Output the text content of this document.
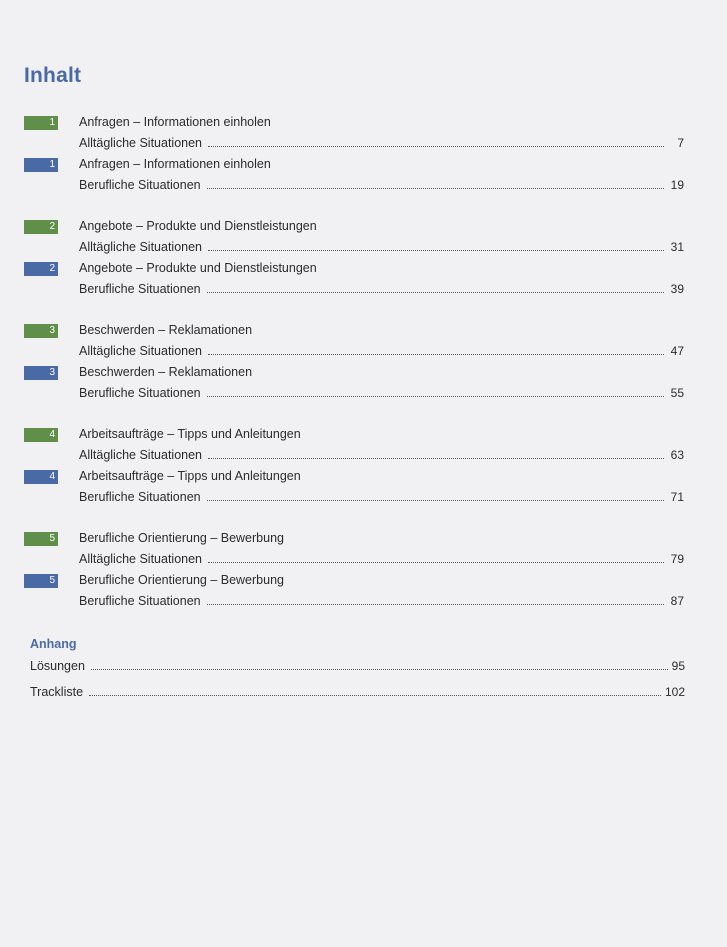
Inhalt
1 Anfragen – Informationen einholen
Alltägliche Situationen	7
1 Anfragen – Informationen einholen
Berufliche Situationen	19
2 Angebote – Produkte und Dienstleistungen
Alltägliche Situationen	31
2 Angebote – Produkte und Dienstleistungen
Berufliche Situationen	39
3 Beschwerden – Reklamationen
Alltägliche Situationen	47
3 Beschwerden – Reklamationen
Berufliche Situationen	55
4 Arbeitsaufträge – Tipps und Anleitungen
Alltägliche Situationen	63
4 Arbeitsaufträge – Tipps und Anleitungen
Berufliche Situationen	71
5 Berufliche Orientierung – Bewerbung
Alltägliche Situationen	79
5 Berufliche Orientierung – Bewerbung
Berufliche Situationen	87
Anhang
Lösungen	95
Trackliste	102
